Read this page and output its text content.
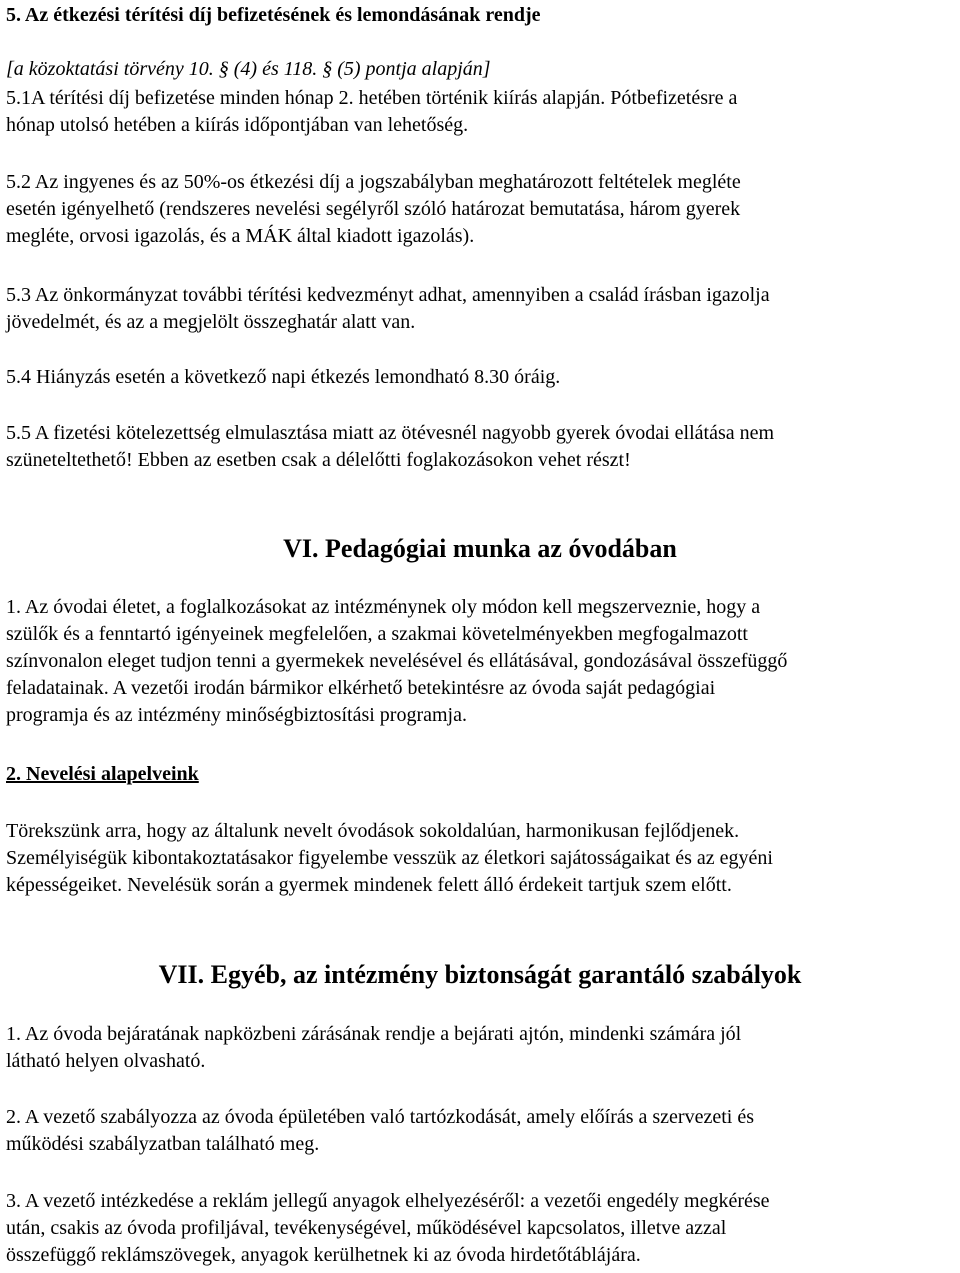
5. Az étkezési térítési díj befizetésének és lemondásának rendje

[a közoktatási törvény 10. § (4) és 118. § (5) pontja alapján]

5.1A térítési díj befizetése minden hónap 2. hetében történik kiírás alapján. Pótbefizetésre a

hónap utolsó hetében a kiírás időpontjában van lehetőség.

5.2 Az ingyenes és az 50%-os étkezési díj a jogszabályban meghatározott feltételek megléte

esetén igényelhető (rendszeres nevelési segélyről szóló határozat bemutatása, három gyerek

megléte, orvosi igazolás, és a MÁK által kiadott igazolás).

5.3 Az önkormányzat további térítési kedvezményt adhat, amennyiben a család írásban igazolja

jövedelmét, és az a megjelölt összeghatár alatt van.

5.4 Hiányzás esetén a következő napi étkezés lemondható 8.30 óráig.

5.5 A fizetési kötelezettség elmulasztása miatt az ötévesnél nagyobb gyerek óvodai ellátása nem

szüneteltethető! Ebben az esetben csak a délelőtti foglakozásokon vehet részt!

VI. Pedagógiai munka az óvodában

1. Az óvodai életet, a foglalkozásokat az intézménynek oly módon kell megszerveznie, hogy a

szülők és a fenntartó igényeinek megfelelően, a szakmai követelményekben megfogalmazott

színvonalon eleget tudjon tenni a gyermekek nevelésével és ellátásával, gondozásával összefüggő

feladatainak. A vezetői irodán bármikor elkérhető betekintésre az óvoda saját pedagógiai

programja és az intézmény minőségbiztosítási programja.

2. Nevelési alapelveink

Törekszünk arra, hogy az általunk nevelt óvodások sokoldalúan, harmonikusan fejlődjenek.

Személyiségük kibontakoztatásakor figyelembe vesszük az életkori sajátosságaikat és az egyéni

képességeiket. Nevelésük során a gyermek mindenek felett álló érdekeit tartjuk szem előtt.

VII. Egyéb, az intézmény biztonságát garantáló szabályok

1. Az óvoda bejáratának napközbeni zárásának rendje a bejárati ajtón, mindenki számára jól

látható helyen olvasható.

2. A vezető szabályozza az óvoda épületében való tartózkodását, amely előírás a szervezeti és

működési szabályzatban található meg.

3. A vezető intézkedése a reklám jellegű anyagok elhelyezéséről: a vezetői engedély megkérése

után, csakis az óvoda profiljával, tevékenységével, működésével kapcsolatos, illetve azzal

összefüggő reklámszövegek, anyagok kerülhetnek ki az óvoda hirdetőtáblájára.
